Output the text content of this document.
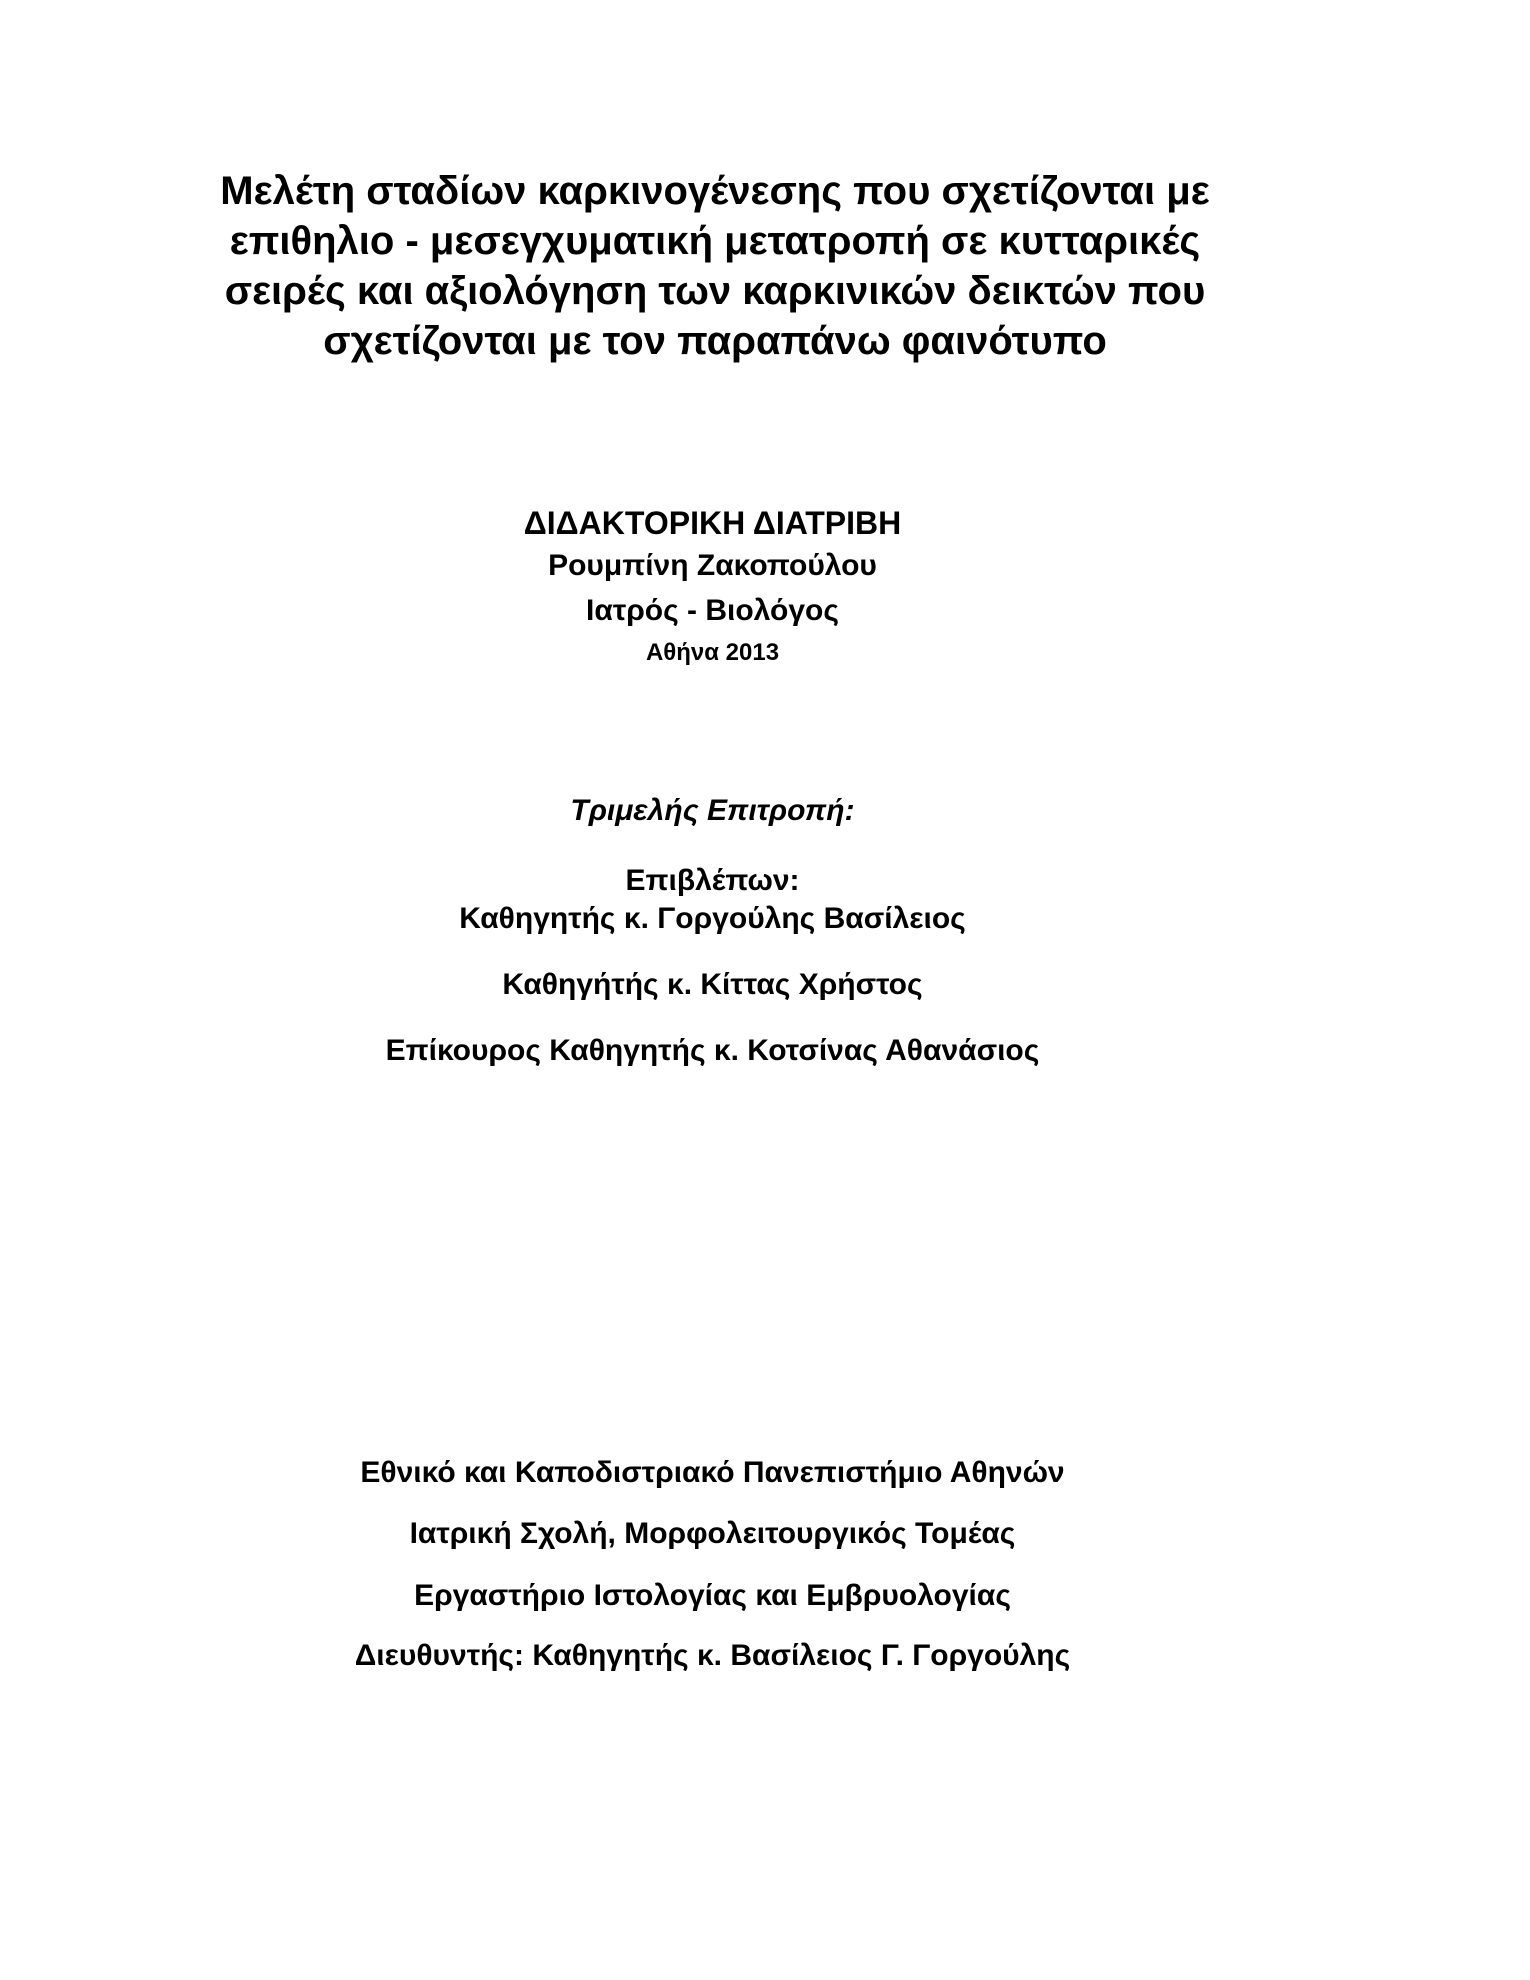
Μελέτη σταδίων καρκινογένεσης που σχετίζονται με
επιθηλιο - μεσεγχυματική μετατροπή σε κυτταρικές
σειρές και αξιολόγηση των καρκινικών δεικτών που
σχετίζονται με τον παραπάνω φαινότυπο
ΔΙΔΑΚΤΟΡΙΚΗ ΔΙΑΤΡΙΒΗ
Ρουμπίνη Ζακοπούλου
Ιατρός - Βιολόγος
Αθήνα 2013
Τριμελής Επιτροπή:
Επιβλέπων:
Καθηγητής κ. Γοργούλης Βασίλειος
Καθηγήτής κ. Κίττας Χρήστος
Επίκουρος Καθηγητής κ. Κοτσίνας Αθανάσιος
Εθνικό και Καποδιστριακό Πανεπιστήμιο Αθηνών
Ιατρική Σχολή, Μορφολειτουργικός Τομέας
Εργαστήριο Ιστολογίας και Εμβρυολογίας
Διευθυντής: Καθηγητής κ. Βασίλειος Γ. Γοργούλης
